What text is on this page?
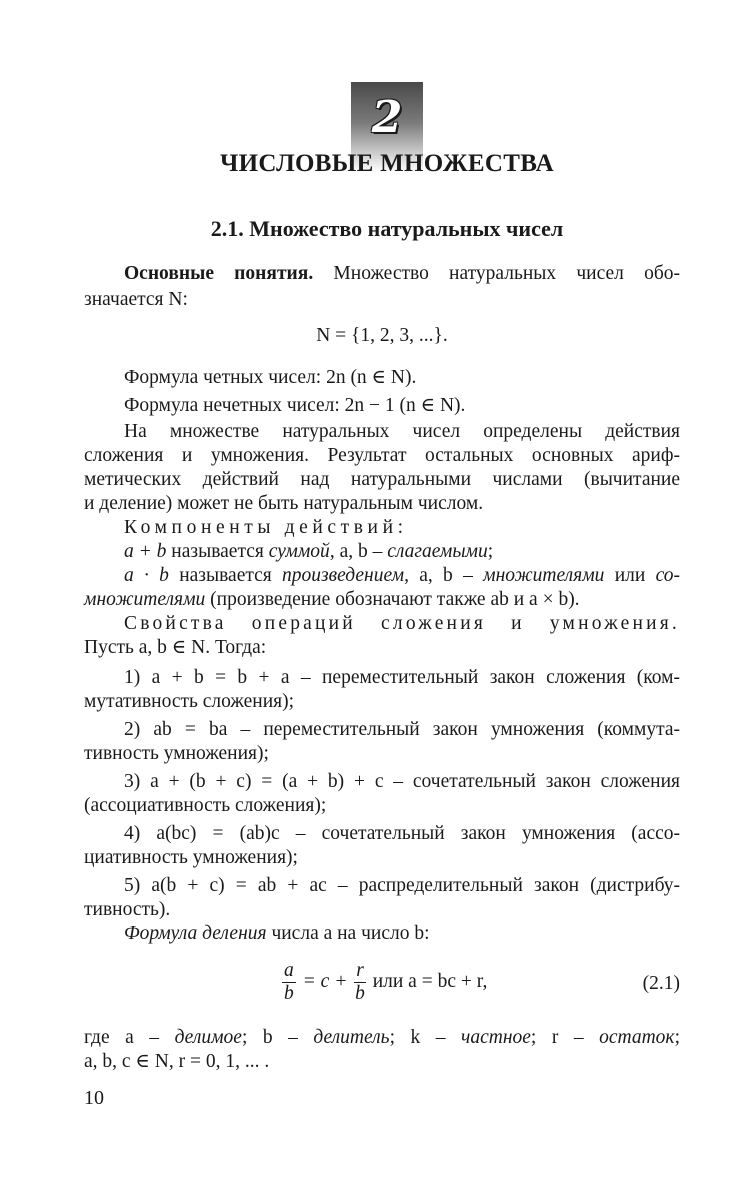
2
ЧИСЛОВЫЕ МНОЖЕСТВА
2.1. Множество натуральных чисел
Основные понятия. Множество натуральных чисел обо-
значается N:
N = {1, 2, 3, ...}.
Формула четных чисел: 2n (n ∈ N).
Формула нечетных чисел: 2n − 1 (n ∈ N).
На множестве натуральных чисел определены действия
сложения и умножения. Результат остальных основных ариф-
метических действий над натуральными числами (вычитание
и деление) может не быть натуральным числом.
Компоненты действий:
a + b называется суммой, a, b – слагаемыми;
a · b называется произведением, a, b – множителями или со-
множителями (произведение обозначают также ab и a × b).
Свойства операций сложения и умножения.
Пусть a, b ∈ N. Тогда:
1) a + b = b + a – переместительный закон сложения (ком-
мутативность сложения);
2) ab = ba – переместительный закон умножения (коммута-
тивность умножения);
3) a + (b + c) = (a + b) + c – сочетательный закон сложения
(ассоциативность сложения);
4) a(bc) = (ab)c – сочетательный закон умножения (ассо-
циативность умножения);
5) a(b + c) = ab + ac – распределительный закон (дистрибу-
тивность).
Формула деления числа a на число b:
$\frac{a}{b} = c + \frac{r}{b}$ или a = bc + r,	(2.1)
где a – делимое; b – делитель; k – частное; r – остаток;
a, b, c ∈ N, r = 0, 1, ... .
10
